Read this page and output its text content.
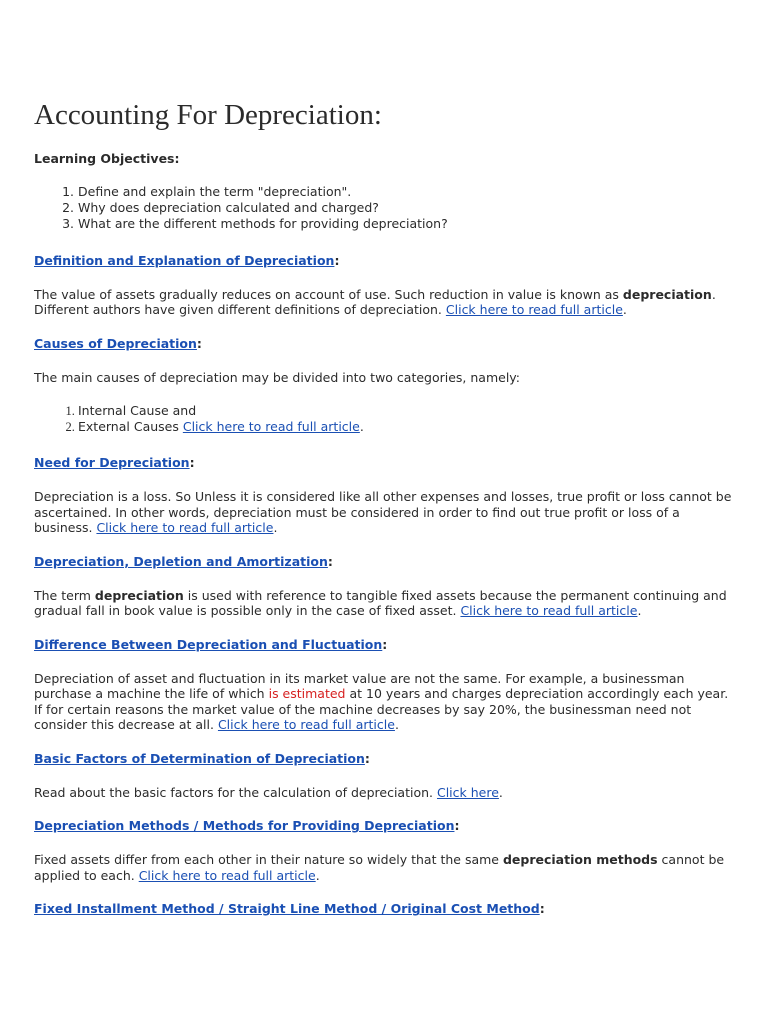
Accounting For Depreciation:
Learning Objectives:
1. Define and explain the term "depreciation".
2. Why does depreciation calculated and charged?
3. What are the different methods for providing depreciation?
Definition and Explanation of Depreciation:

The value of assets gradually reduces on account of use. Such reduction in value is known as depreciation. Different authors have given different definitions of depreciation. Click here to read full article.

Causes of Depreciation:

The main causes of depreciation may be divided into two categories, namely:

1. Internal Cause and
2. External Causes Click here to read full article.
Need for Depreciation:

Depreciation is a loss. So Unless it is considered like all other expenses and losses, true profit or loss cannot be ascertained. In other words, depreciation must be considered in order to find out true profit or loss of a business. Click here to read full article.

Depreciation, Depletion and Amortization:

The term depreciation is used with reference to tangible fixed assets because the permanent continuing and gradual fall in book value is possible only in the case of fixed asset. Click here to read full article.

Difference Between Depreciation and Fluctuation:

Depreciation of asset and fluctuation in its market value are not the same. For example, a businessman purchase a machine the life of which is estimated at 10 years and charges depreciation accordingly each year. If for certain reasons the market value of the machine decreases by say 20%, the businessman need not consider this decrease at all. Click here to read full article.

Basic Factors of Determination of Depreciation:

Read about the basic factors for the calculation of depreciation. Click here.

Depreciation Methods / Methods for Providing Depreciation:

Fixed assets differ from each other in their nature so widely that the same depreciation methods cannot be applied to each. Click here to read full article.

Fixed Installment Method / Straight Line Method / Original Cost Method:
